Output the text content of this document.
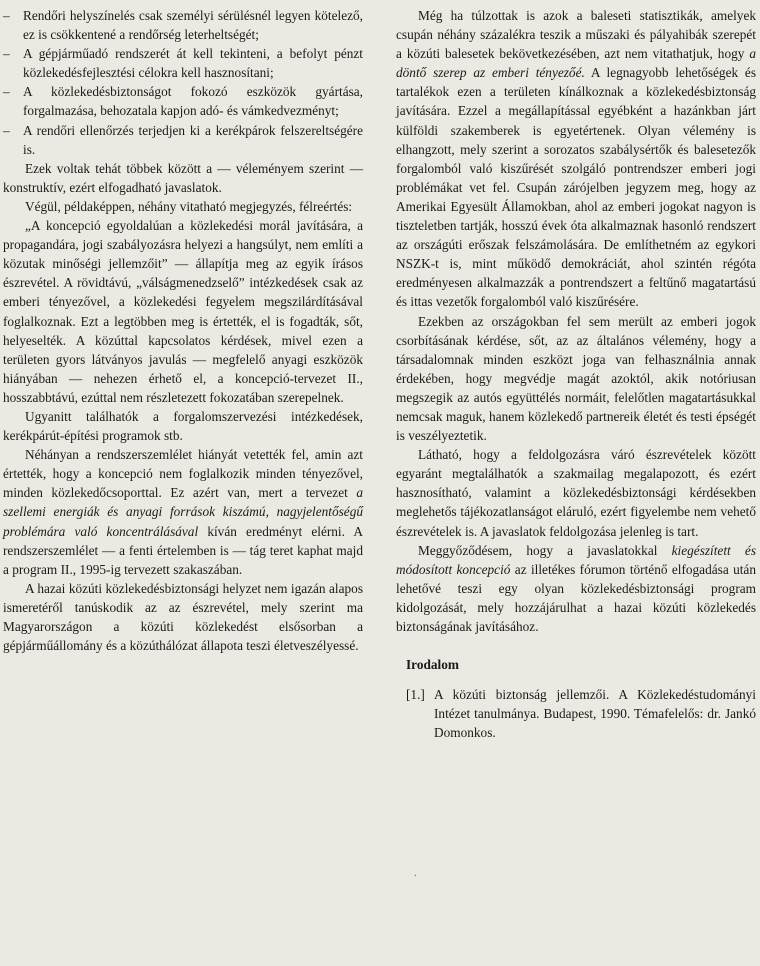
–	Rendőri helyszínelés csak személyi sérülésnél legyen kötelező, ez is csökkentené a rendőrség leterheltségét;
–	A gépjárműadó rendszerét át kell tekinteni, a befolyt pénzt közlekedésfejlesztési célokra kell hasznosítani;
–	A közlekedésbiztonságot fokozó eszközök gyártása, forgalmazása, behozatala kapjon adó- és vámkedvezményt;
–	A rendőri ellenőrzés terjedjen ki a kerékpárok felszereltségére is.

Ezek voltak tehát többek között a — véleményem szerint —konstruktív, ezért elfogadható javaslatok.

Végül, példaképpen, néhány vitatható megjegyzés, félreértés:

„A koncepció egyoldalúan a közlekedési morál javítására, a propagandára, jogi szabályozásra helyezi a hangsúlyt, nem említi a közutak minőségi jellemzőit” — állapítja meg az egyik írásos észrevétel. A rövidtávú, „válságmenedzselő” intézkedések csak az emberi tényezővel, a közlekedési fegyelem megszilárdításával foglalkoznak. Ezt a legtöbben meg is értették, el is fogadták, sőt, helyeselték. A közúttal kapcsolatos kérdések, mivel ezen a területen gyors látványos javulás — megfelelő anyagi eszközök hiányában — nehezen érhető el, a koncepció-tervezet II., hosszabbtávú, ezúttal nem részletezett fokozatában szerepelnek.

Ugyanitt találhatók a forgalomszervezési intézkedések, kerékpárút-építési programok stb.

Néhányan a rendszerszemlélet hiányát vetették fel, amin azt értették, hogy a koncepció nem foglalkozik minden tényezővel, minden közlekedőcsoporttal. Ez azért van, mert a tervezet a szellemi energiák és anyagi források kiszámú, nagyjelentőségű problémára való koncentrálásával kíván eredményt elérni. A rendszerszemlélet — a fenti értelemben is — tág teret kaphat majd a program II., 1995-ig tervezett szakaszában.

A hazai közúti közlekedésbiztonsági helyzet nem igazán alapos ismeretéről tanúskodik az az észrevétel, mely szerint ma Magyarországon a közúti közlekedést elsősorban a gépjárműállomány és a közúthálózat állapota teszi életveszélyessé.

Még ha túlzottak is azok a baleseti statisztikák, amelyek csupán néhány százalékra teszik a műszaki és pályahibák szerepét a közúti balesetek bekövetkezésében, azt nem vitathatjuk, hogy a döntő szerep az emberi tényezőé. A legnagyobb lehetőségek és tartalékok ezen a területen kínálkoznak a közlekedésbiztonság javítására. Ezzel a megállapítással egyébként a hazánkban járt külföldi szakemberek is egyetértenek. Olyan vélemény is elhangzott, mely szerint a sorozatos szabálysértők és balesetezők forgalomból való kiszűrését szolgáló pontrendszer emberi jogi problémákat vet fel. Csupán zárójelben jegyzem meg, hogy az Amerikai Egyesült Államokban, ahol az emberi jogokat nagyon is tiszteletben tartják, hosszú évek óta alkalmaznak hasonló rendszert az országúti erőszak felszámolására. De említhetném az egykori NSZK-t is, mint működő demokráciát, ahol szintén régóta eredményesen alkalmazzák a pontrendszert a feltűnő magatartású és ittas vezetők forgalomból való kiszűrésére.

Ezekben az országokban fel sem merült az emberi jogok csorbításának kérdése, sőt, az az általános vélemény, hogy a társadalomnak minden eszközt joga van felhasználnia annak érdekében, hogy megvédje magát azoktól, akik notóriusan megszegik az autós együttélés normáit, felelőtlen magatartásukkal nemcsak maguk, hanem közlekedő partnereik életét és testi épségét is veszélyeztetik.

Látható, hogy a feldolgozásra váró észrevételek között egyaránt megtalálhatók a szakmailag megalapozott, és ezért hasznosítható, valamint a közlekedésbiztonsági kérdésekben meglehetős tájékozatlanságot eláruló, ezért figyelembe nem vehető észrevételek is. A javaslatok feldolgozása jelenleg is tart.

Meggyőződésem, hogy a javaslatokkal kiegészített és módosított koncepció az illetékes fórumon történő elfogadása után lehetővé teszi egy olyan közlekedésbiztonsági program kidolgozását, mely hozzájárulhat a hazai közúti közlekedés biztonságának javításához.

Irodalom

[1.] A közúti biztonság jellemzői. A Közlekedéstudományi Intézet tanulmánya. Budapest, 1990. Témafelelős: dr. Jankó Domonkos.
.
